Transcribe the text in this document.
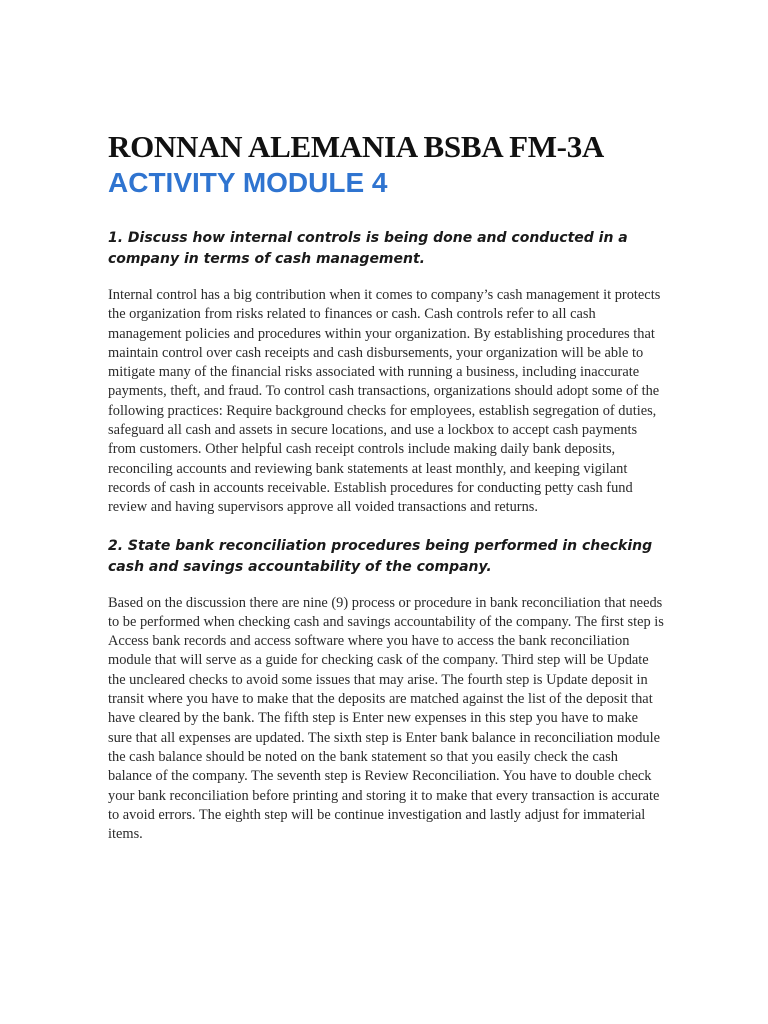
RONNAN ALEMANIA BSBA FM-3A
ACTIVITY MODULE 4

1. Discuss how internal controls is being done and conducted in a company in terms of cash management.

Internal control has a big contribution when it comes to company’s cash management it protects the organization from risks related to finances or cash. Cash controls refer to all cash management policies and procedures within your organization. By establishing procedures that maintain control over cash receipts and cash disbursements, your organization will be able to mitigate many of the financial risks associated with running a business, including inaccurate payments, theft, and fraud. To control cash transactions, organizations should adopt some of the following practices: Require background checks for employees, establish segregation of duties, safeguard all cash and assets in secure locations, and use a lockbox to accept cash payments from customers. Other helpful cash receipt controls include making daily bank deposits, reconciling accounts and reviewing bank statements at least monthly, and keeping vigilant records of cash in accounts receivable. Establish procedures for conducting petty cash fund review and having supervisors approve all voided transactions and returns.

2. State bank reconciliation procedures being performed in checking cash and savings accountability of the company.

Based on the discussion there are nine (9) process or procedure in bank reconciliation that needs to be performed when checking cash and savings accountability of the company. The first step is Access bank records and access software where you have to access the bank reconciliation module that will serve as a guide for checking cask of the company. Third step will be Update the uncleared checks to avoid some issues that may arise. The fourth step is Update deposit in transit where you have to make that the deposits are matched against the list of the deposit that have cleared by the bank. The fifth step is Enter new expenses in this step you have to make sure that all expenses are updated. The sixth step is Enter bank balance in reconciliation module the cash balance should be noted on the bank statement so that you easily check the cash balance of the company. The seventh step is Review Reconciliation. You have to double check your bank reconciliation before printing and storing it to make that every transaction is accurate to avoid errors. The eighth step will be continue investigation and lastly adjust for immaterial items.
